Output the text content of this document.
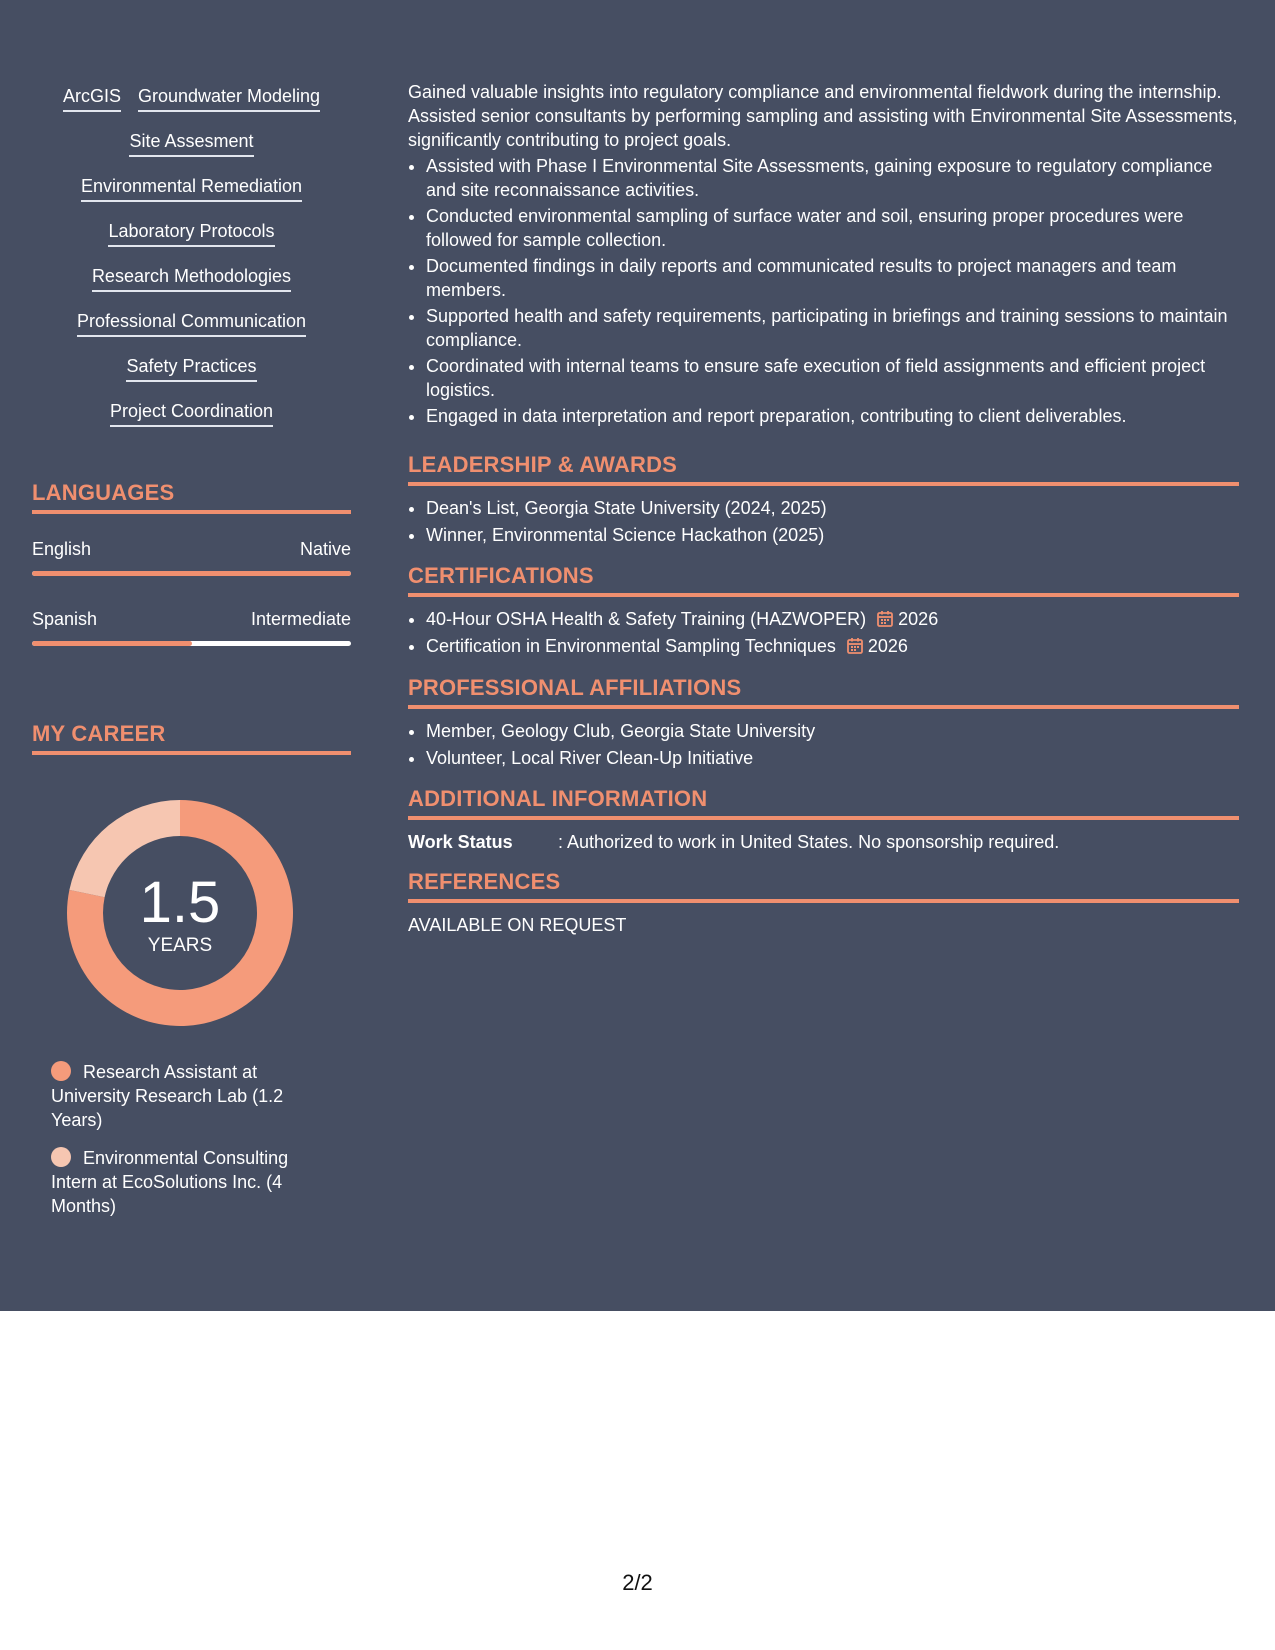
ArcGIS Groundwater Modeling
Site Assesment
Environmental Remediation
Laboratory Protocols
Research Methodologies
Professional Communication
Safety Practices
Project Coordination
LANGUAGES
English	Native
Spanish	Intermediate
MY CAREER
1.5
YEARS
Research Assistant at University Research Lab (1.2 Years)
Environmental Consulting Intern at EcoSolutions Inc. (4 Months)
Gained valuable insights into regulatory compliance and environmental fieldwork during the internship. Assisted senior consultants by performing sampling and assisting with Environmental Site Assessments, significantly contributing to project goals.
• Assisted with Phase I Environmental Site Assessments, gaining exposure to regulatory compliance and site reconnaissance activities.
• Conducted environmental sampling of surface water and soil, ensuring proper procedures were followed for sample collection.
• Documented findings in daily reports and communicated results to project managers and team members.
• Supported health and safety requirements, participating in briefings and training sessions to maintain compliance.
• Coordinated with internal teams to ensure safe execution of field assignments and efficient project logistics.
• Engaged in data interpretation and report preparation, contributing to client deliverables.
LEADERSHIP & AWARDS
• Dean's List, Georgia State University (2024, 2025)
• Winner, Environmental Science Hackathon (2025)
CERTIFICATIONS
• 40-Hour OSHA Health & Safety Training (HAZWOPER) 2026
• Certification in Environmental Sampling Techniques 2026
PROFESSIONAL AFFILIATIONS
• Member, Geology Club, Georgia State University
• Volunteer, Local River Clean-Up Initiative
ADDITIONAL INFORMATION
Work Status	: Authorized to work in United States. No sponsorship required.
REFERENCES
AVAILABLE ON REQUEST
2/2
